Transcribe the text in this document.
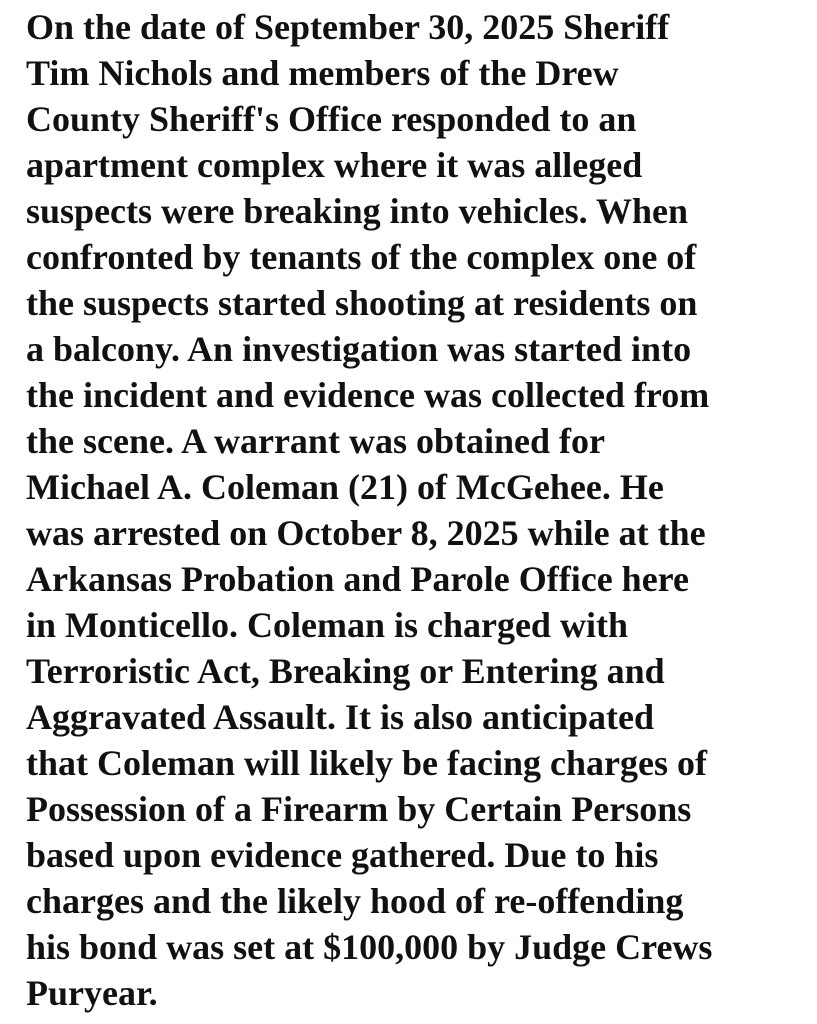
On the date of September 30, 2025 Sheriff

Tim Nichols and members of the Drew

County Sheriff's Office responded to an

apartment complex where it was alleged

suspects were breaking into vehicles. When

confronted by tenants of the complex one of

the suspects started shooting at residents on

a balcony. An investigation was started into

the incident and evidence was collected from

the scene. A warrant was obtained for

Michael A. Coleman (21) of McGehee. He

was arrested on October 8, 2025 while at the

Arkansas Probation and Parole Office here

in Monticello. Coleman is charged with

Terroristic Act, Breaking or Entering and

Aggravated Assault. It is also anticipated

that Coleman will likely be facing charges of

Possession of a Firearm by Certain Persons

based upon evidence gathered. Due to his

charges and the likely hood of re-offending

his bond was set at $100,000 by Judge Crews

Puryear.
